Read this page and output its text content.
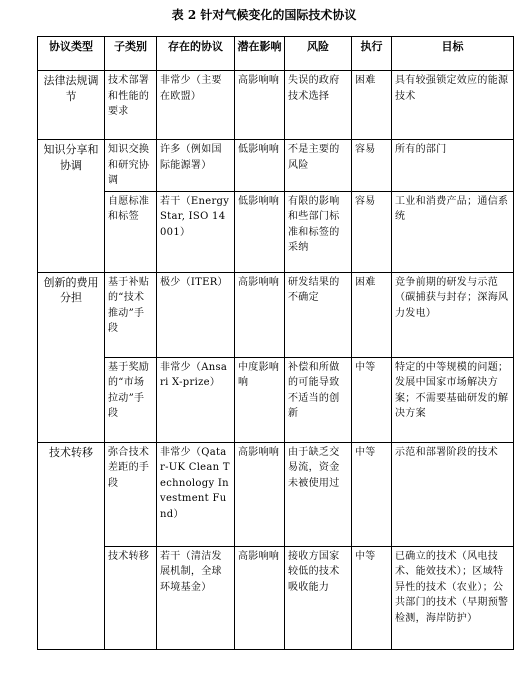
表 2 针对气候变化的国际技术协议
协议类型	子类别	存在的协议	潜在影响	风险	执行	目标
法律法规调节	技术部署和性能的要求	非常少（主要在欧盟）	高影响响	失误的政府技术选择	困难	具有较强锁定效应的能源技术
知识分享和协调	知识交换和研究协调	许多（例如国际能源署）	低影响响	不是主要的风险	容易	所有的部门
	自愿标准和标签	若干（EnergyStar, ISO 14001）	低影响响	有限的影响和些部门标准和标签的采纳	容易	工业和消费产品；通信系统
创新的费用分担	基于补贴的“技术推动”手段	极少（ITER）	高影响响	研发结果的不确定	困难	竞争前期的研发与示范（碳捕获与封存；深海风力发电）
	基于奖励的“市场拉动”手段	非常少（Ansari X-prize）	中度影响响	补偿和所做的可能导致不适当的创新	中等	特定的中等规模的问题；发展中国家市场解决方案；不需要基础研发的解决方案
技术转移	弥合技术差距的手段	非常少（Qatar-UK Clean Technology Investment Fund）	高影响响	由于缺乏交易流，资金未被使用过	中等	示范和部署阶段的技术
	技术转移	若干（清洁发展机制，全球环境基金）	高影响响	接收方国家较低的技术吸收能力	中等	已确立的技术（风电技术、能效技术）；区域特异性的技术（农业）；公共部门的技术（早期预警检测，海岸防护）
